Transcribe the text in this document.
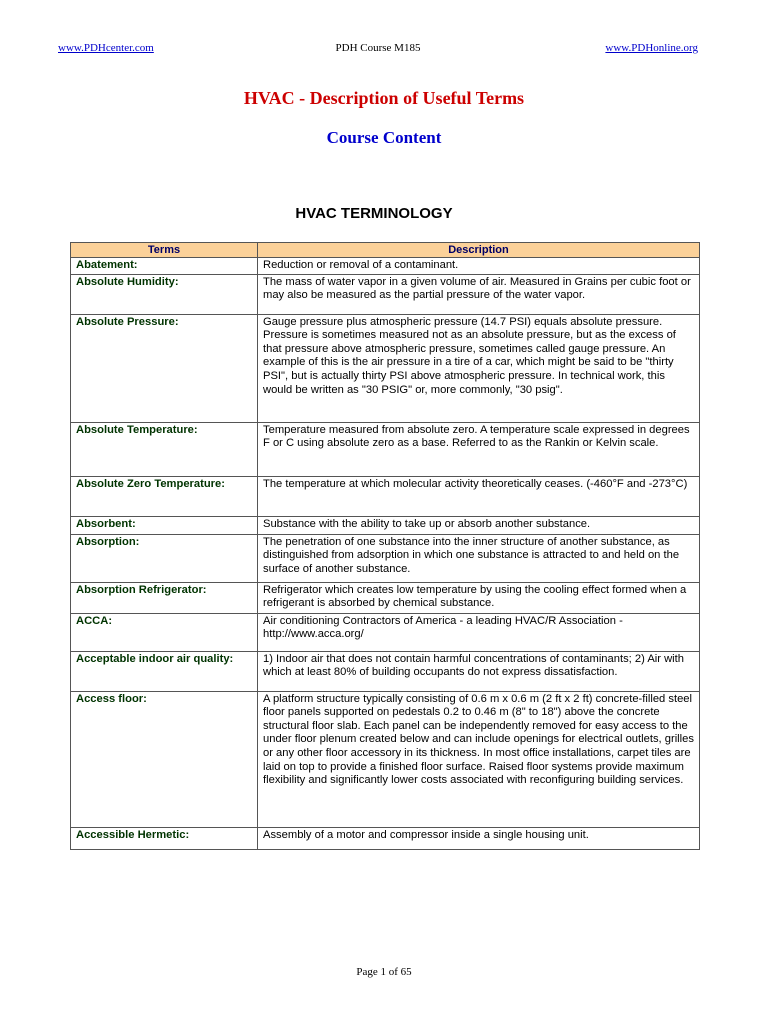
www.PDHcenter.com	PDH Course M185	www.PDHonline.org
HVAC - Description of Useful Terms
Course Content
HVAC TERMINOLOGY
Terms	Description
Abatement:	Reduction or removal of a contaminant.

Absolute Humidity:	The mass of water vapor in a given volume of air. Measured in Grains per cubic foot or may also be measured as the partial pressure of the water vapor.

Absolute Pressure:	Gauge pressure plus atmospheric pressure (14.7 PSI) equals absolute pressure.
Pressure is sometimes measured not as an absolute pressure, but as the excess of that pressure above atmospheric pressure, sometimes called gauge pressure. An example of this is the air pressure in a tire of a car, which might be said to be "thirty PSI", but is actually thirty PSI above atmospheric pressure. In technical work, this would be written as "30 PSIG" or, more commonly, "30 psig".

Absolute Temperature:	Temperature measured from absolute zero. A temperature scale expressed in degrees F or C using absolute zero as a base. Referred to as the Rankin or Kelvin scale.

Absolute Zero Temperature:	The temperature at which molecular activity theoretically ceases. (-460°F and -273°C)

Absorbent:	Substance with the ability to take up or absorb another substance.

Absorption:	The penetration of one substance into the inner structure of another substance, as distinguished from adsorption in which one substance is attracted to and held on the surface of another substance.

Absorption Refrigerator:	Refrigerator which creates low temperature by using the cooling effect formed when a refrigerant is absorbed by chemical substance.

ACCA:	Air conditioning Contractors of America - a leading HVAC/R Association - http://www.acca.org/

Acceptable indoor air quality:	1) Indoor air that does not contain harmful concentrations of contaminants; 2) Air with which at least 80% of building occupants do not express dissatisfaction.

Access floor:	A platform structure typically consisting of 0.6 m x 0.6 m (2 ft x 2 ft) concrete-filled steel floor panels supported on pedestals 0.2 to 0.46 m (8" to 18") above the concrete structural floor slab. Each panel can be independently removed for easy access to the under floor plenum created below and can include openings for electrical outlets, grilles or any other floor accessory in its thickness. In most office installations, carpet tiles are laid on top to provide a finished floor surface. Raised floor systems provide maximum flexibility and significantly lower costs associated with reconfiguring building services.

Accessible Hermetic:	Assembly of a motor and compressor inside a single housing unit.
Page 1 of 65
